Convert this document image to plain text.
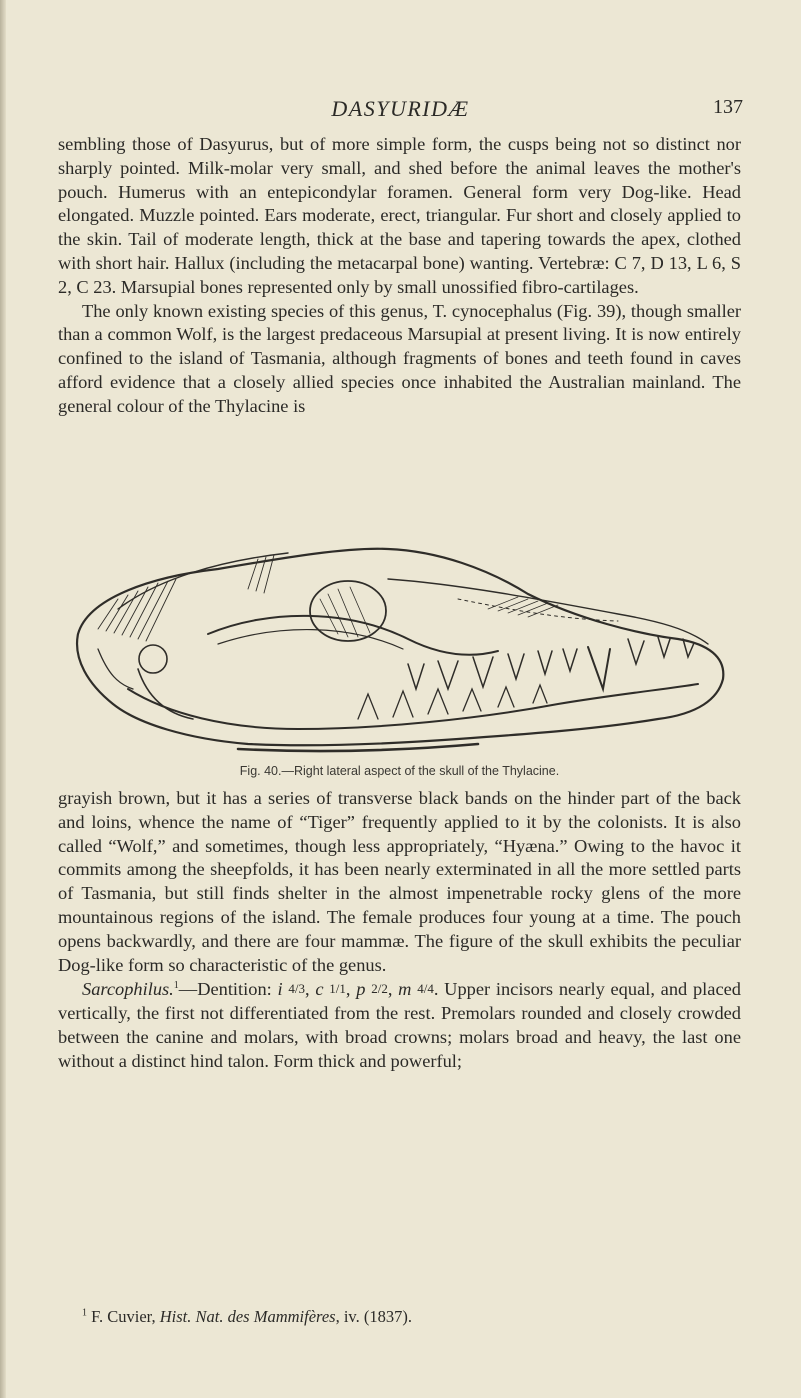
DASYURIDÆ	137

sembling those of Dasyurus, but of more simple form, the cusps being not so distinct nor sharply pointed. Milk-molar very small, and shed before the animal leaves the mother's pouch. Humerus with an entepicondylar foramen. General form very Dog-like. Head elongated. Muzzle pointed. Ears moderate, erect, triangular. Fur short and closely applied to the skin. Tail of moderate length, thick at the base and tapering towards the apex, clothed with short hair. Hallux (including the metacarpal bone) wanting. Vertebræ: C 7, D 13, L 6, S 2, C 23. Marsupial bones represented only by small unossified fibro-cartilages.

The only known existing species of this genus, T. cynocephalus (Fig. 39), though smaller than a common Wolf, is the largest predaceous Marsupial at present living. It is now entirely confined to the island of Tasmania, although fragments of bones and teeth found in caves afford evidence that a closely allied species once inhabited the Australian mainland. The general colour of the Thylacine is

Fig. 40.—Right lateral aspect of the skull of the Thylacine.

grayish brown, but it has a series of transverse black bands on the hinder part of the back and loins, whence the name of “Tiger” frequently applied to it by the colonists. It is also called “Wolf,” and sometimes, though less appropriately, “Hyæna.” Owing to the havoc it commits among the sheepfolds, it has been nearly exterminated in all the more settled parts of Tasmania, but still finds shelter in the almost impenetrable rocky glens of the more mountainous regions of the island. The female produces four young at a time. The pouch opens backwardly, and there are four mammæ. The figure of the skull exhibits the peculiar Dog-like form so characteristic of the genus.

Sarcophilus.$^1$—Dentition: i 4/3, c 1/1, p 2/2, m 4/4. Upper incisors nearly equal, and placed vertically, the first not differentiated from the rest. Premolars rounded and closely crowded between the canine and molars, with broad crowns; molars broad and heavy, the last one without a distinct hind talon. Form thick and powerful;

$^1$ F. Cuvier, Hist. Nat. des Mammifères, iv. (1837).
